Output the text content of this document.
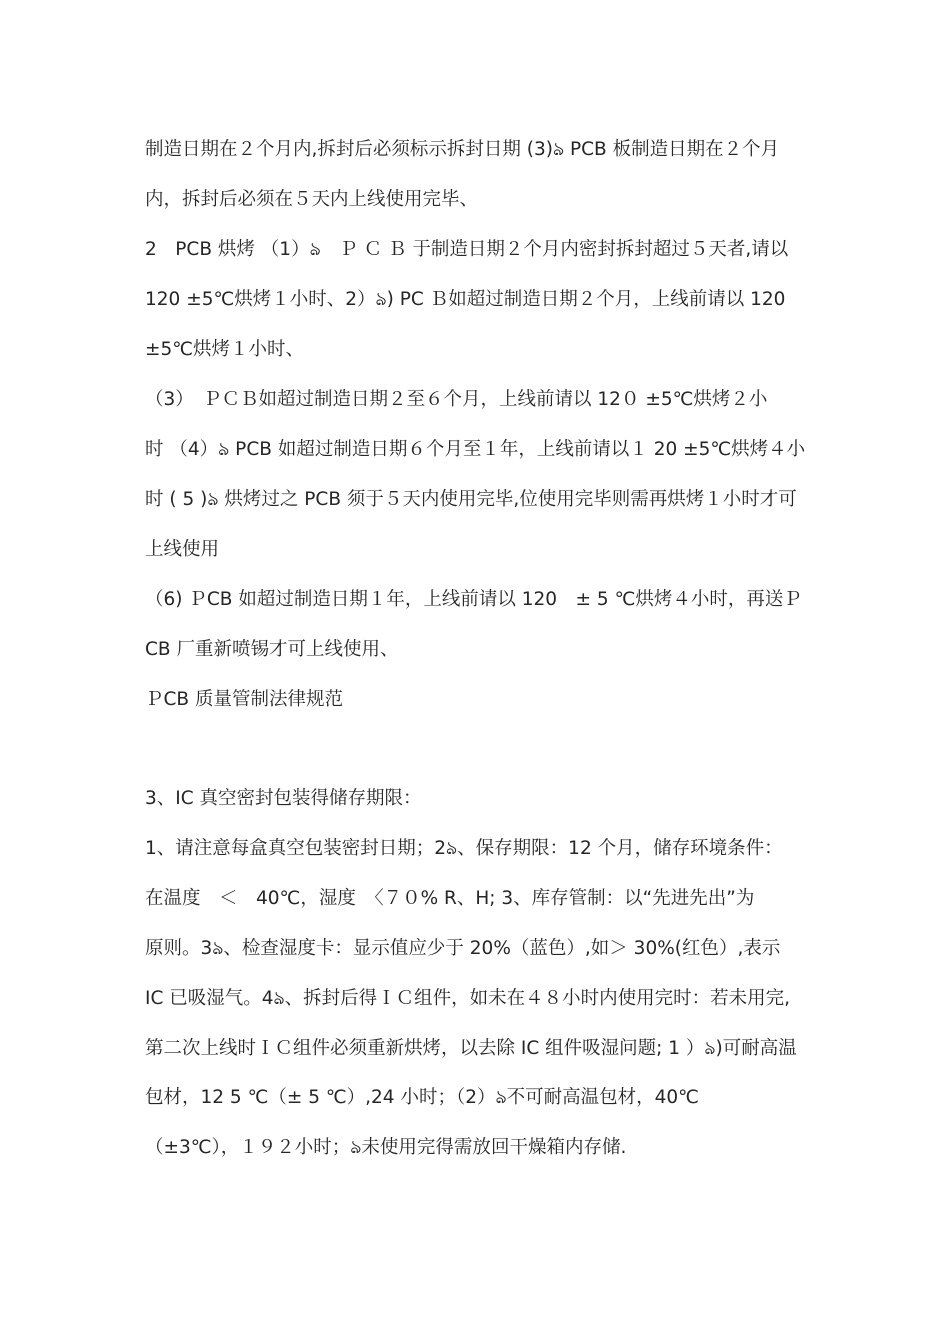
制造日期在２个月内,拆封后必须标示拆封日期 (3)ঌ PCB 板制造日期在２个月
内，拆封后必须在５天内上线使用完毕、
2　PCB 烘烤 （1）ঌ　Ｐ Ｃ Ｂ 于制造日期２个月内密封拆封超过５天者,请以
120 ±5℃烘烤１小时、2）ঌ) PC Ｂ如超过制造日期２个月，上线前请以 120
±5℃烘烤１小时、
（3）　ＰＣＢ如超过制造日期２至６个月，上线前请以 12０ ±5℃烘烤２小
时 （4）ঌ PCB 如超过制造日期６个月至１年，上线前请以１ 20 ±5℃烘烤４小
时 ( 5 )ঌ 烘烤过之 PCB 须于５天内使用完毕,位使用完毕则需再烘烤１小时才可
上线使用
（6) ＰCB 如超过制造日期１年，上线前请以 120　± 5 ℃烘烤４小时，再送Ｐ
CB 厂重新喷锡才可上线使用、
ＰCB 质量管制法律规范
3、IC 真空密封包装得储存期限：
1、请注意每盒真空包装密封日期；2ঌ、保存期限：12 个月，储存环境条件：
在温度　＜　40℃，湿度　〈７０% R、H; 3、库存管制：以“先进先出”为
原则。3ঌ、检查湿度卡：显示值应少于 20%（蓝色）,如＞ 30%(红色）,表示
IC 已吸湿气。4ঌ、拆封后得ＩＣ组件，如未在４８小时内使用完时：若未用完,
第二次上线时ＩＣ组件必须重新烘烤，以去除 IC 组件吸湿问题; 1 ）ঌ)可耐高温
包材，12 5 ℃（± 5 ℃）,24 小时；（2）ঌ不可耐高温包材，40℃
（±3℃），１９２小时；ঌ未使用完得需放回干燥箱内存储.
